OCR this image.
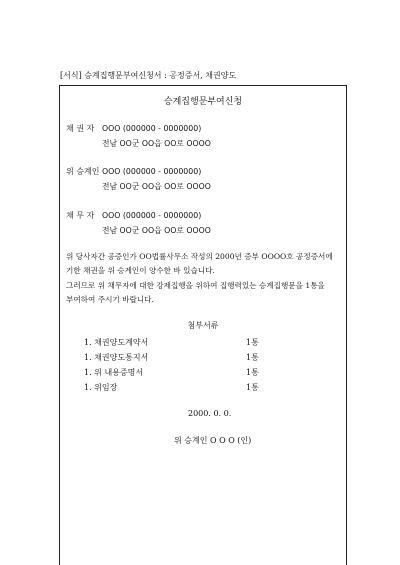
[서식] 승계집행문부여신청서 : 공정증서, 채권양도
승계집행문부여신청
채 권 자 OOO (000000 - 0000000)
전남 OO군 OO읍 OO로 OOOO
위 승계인 OOO (000000 - 0000000)
전남 OO군 OO읍 OO로 OOOO
채 무 자 OOO (000000 - 0000000)
전남 OO군 OO읍 OO로 OOOO
위 당사자간 공증인가 OO법률사무소 작성의 2000년 증부 OOOO호 공정증서에
기한 채권을 위 승계인이 양수한 바 있습니다.
그러므로 위 채무자에 대한 강제집행을 위하여 집행력있는 승계집행문을 1통을
부여하여 주시기 바랍니다.
첨부서류
1. 채권양도계약서	1통
1. 채권양도통지서	1통
1. 위 내용증명서	1통
1. 위임장	1통
2000. 0. 0.
위 승계인 O O O (인)
